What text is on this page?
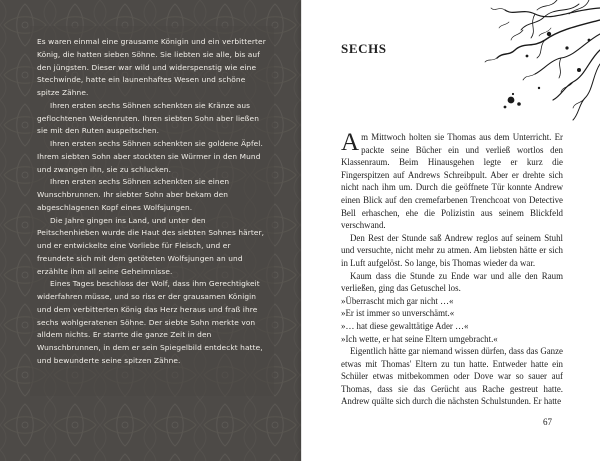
Es waren einmal eine grausame Königin und ein verbitterter König, die hatten sieben Söhne. Sie liebten sie alle, bis auf den jüngsten. Dieser war wild und widerspenstig wie eine Stechwinde, hatte ein launenhaftes Wesen und schöne spitze Zähne.

Ihren ersten sechs Söhnen schenkten sie Kränze aus geflochtenen Weidenruten. Ihren siebten Sohn aber ließen sie mit den Ruten auspeitschen.

Ihren ersten sechs Söhnen schenkten sie goldene Äpfel. Ihrem siebten Sohn aber stockten sie Würmer in den Mund und zwangen ihn, sie zu schlucken.

Ihren ersten sechs Söhnen schenkten sie einen Wunschbrunnen. Ihr siebter Sohn aber bekam den abgeschlagenen Kopf eines Wolfsjungen.

Die Jahre gingen ins Land, und unter den Peitschenhieben wurde die Haut des siebten Sohnes härter, und er entwickelte eine Vorliebe für Fleisch, und er freundete sich mit dem getöteten Wolfsjungen an und erzählte ihm all seine Geheimnisse.

Eines Tages beschloss der Wolf, dass ihm Gerechtigkeit widerfahren müsse, und so riss er der grausamen Königin und dem verbitterten König das Herz heraus und fraß ihre sechs wohlgeratenen Söhne. Der siebte Sohn merkte von alldem nichts. Er starrte die ganze Zeit in den Wunschbrunnen, in dem er sein Spiegelbild entdeckt hatte, und bewunderte seine spitzen Zähne.

SECHS

Am Mittwoch holten sie Thomas aus dem Unterricht. Er packte seine Bücher ein und verließ wortlos den Klassenraum. Beim Hinausgehen legte er kurz die Fingerspitzen auf Andrews Schreibpult. Aber er drehte sich nicht nach ihm um. Durch die geöffnete Tür konnte Andrew einen Blick auf den cremefarbenen Trenchcoat von Detective Bell erhaschen, ehe die Polizistin aus seinem Blickfeld verschwand.

Den Rest der Stunde saß Andrew reglos auf seinem Stuhl und versuchte, nicht mehr zu atmen. Am liebsten hätte er sich in Luft aufgelöst. So lange, bis Thomas wieder da war.

Kaum dass die Stunde zu Ende war und alle den Raum verließen, ging das Getuschel los.

»Überrascht mich gar nicht …«

»Er ist immer so unverschämt.«

»… hat diese gewalttätige Ader …«

»Ich wette, er hat seine Eltern umgebracht.«

Eigentlich hätte gar niemand wissen dürfen, dass das Ganze etwas mit Thomas' Eltern zu tun hatte. Entweder hatte ein Schüler etwas mitbekommen oder Dove war so sauer auf Thomas, dass sie das Gerücht aus Rache gestreut hatte. Andrew quälte sich durch die nächsten Schulstunden. Er hatte

67
